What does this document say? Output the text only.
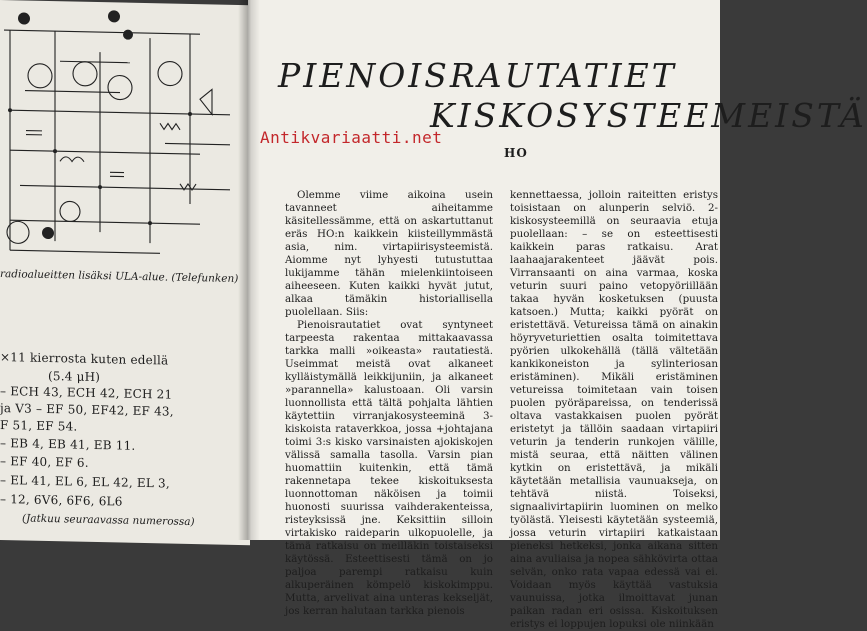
radioalueitten lisäksi ULA-alue. (Telefunken)
×11 kierrosta kuten edellä
(5.4 μH)
– ECH 43, ECH 42, ECH 21
ja V3 – EF 50, EF42, EF 43,
F 51, EF 54.
– EB 4, EB 41, EB 11.
– EF 40, EF 6.
– EL 41, EL 6, EL 42, EL 3,
– 12, 6V6, 6F6, 6L6
(Jatkuu seuraavassa numerossa)
PIENOISRAUTATIET
KISKOSYSTEEMEISTÄ
Antikvariaatti.net
HO

Olemme viime aikoina usein tavanneet aiheitamme käsitellessämme, että on askartuttanut eräs HO:n kaikkein kiisteillymmästä asia, nim. virtapiirisysteemistä. Aiomme nyt lyhyesti tutustuttaa lukijamme tähän mielenkiintoiseen aiheeseen. Kuten kaikki hyvät jutut, alkaa tämäkin historiallisella puolellaan. Siis:

Pienoisrautatiet ovat syntyneet tarpeesta rakentaa mittakaavassa tarkka malli »oikeasta» rautatiestä. Useimmat meistä ovat alkaneet kylläistymällä leikkijuniin, ja alkaneet »parannella» kalustoaan. Oli varsin luonnollista että tältä pohjalta lähtien käytettiin virranjakosysteeminä 3-kiskoista rataverkkoa, jossa +johtajana toimi 3:s kisko varsinaisten ajokiskojen välissä samalla tasolla. Varsin pian huomattiin kuitenkin, että tämä rakennetapa tekee kiskoituksesta luonnottoman näköisen ja toimii huonosti suurissa vaihderakenteissa, risteyksissä jne. Keksittiin silloin virtakisko raideparin ulkopuolelle, ja tämä ratkaisu on meilläkin toistaiseksi käytössä. Esteettisesti tämä on jo paljoa parempi ratkaisu kuin alkuperäinen kömpelö kiskokimppu. Mutta, arvelivat aina unteras kekseljät, jos kerran halutaan tarkka pienois

kennettaessa, jolloin raiteitten eristys toisistaan on alunperin selviö. 2-kiskosysteemillä on seuraavia etuja puolellaan: – se on esteettisesti kaikkein paras ratkaisu. Arat laahaajarakenteet jäävät pois. Virransaanti on aina varmaa, koska veturin suuri paino vetopyöriillään takaa hyvän kosketuksen (puusta katsoen.) Mutta; kaikki pyörät on eristettävä. Vetureissa tämä on ainakin höyryveturiettien osalta toimitettava pyörien ulkokehällä (tällä vältetään kankikoneiston ja sylinteriosan eristäminen). Mikäli eristäminen vetureissa toimitetaan vain toisen puolen pyöräpareissa, on tenderissä oltava vastakkaisen puolen pyörät eristetyt ja tällöin saadaan virtapiiri veturin ja tenderin runkojen välille, mistä seuraa, että näitten välinen kytkin on eristettävä, ja mikäli käytetään metallisia vaunuakseja, on tehtävä niistä. Toiseksi, signaalivirtapiirin luominen on melko työlästä. Yleisesti käytetään systeemiä, jossa veturin virtapiiri katkaistaan pieneksi hetkeksi, jonka aikana sitten aina avuliaisa ja nopea sähkövirta ottaa selvän, onko rata vapaa edessä vai ei. Voidaan myös käyttää vastuksia vaunuissa, jotka ilmoittavat junan paikan radan eri osissa. Kiskoituksen eristys ei loppujen lopuksi ole niinkään
